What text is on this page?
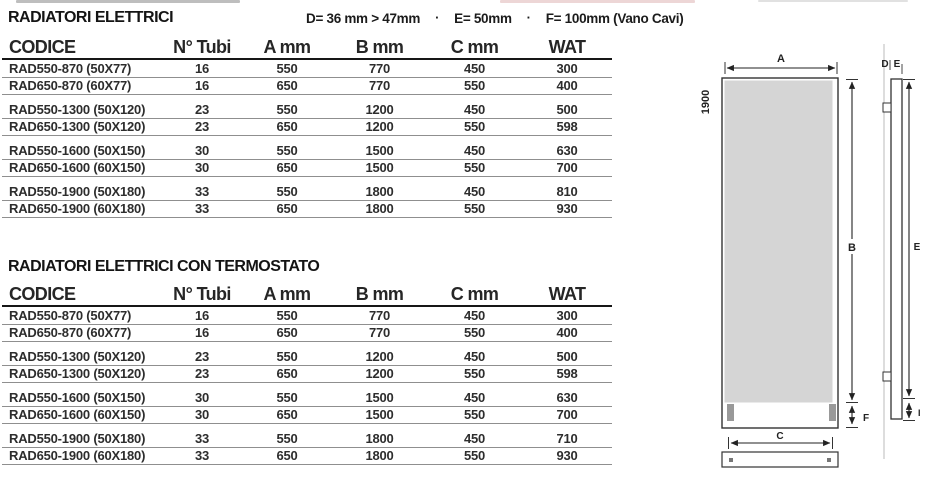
RADIATORI ELETTRICI	D= 36 mm > 47mm · E= 50mm · F= 100mm (Vano Cavi)
CODICE	N° Tubi	A mm	B mm	C mm	WAT
RAD550-870 (50X77)	16	550	770	450	300
RAD650-870 (60X77)	16	650	770	550	400
RAD550-1300 (50X120)	23	550	1200	450	500
RAD650-1300 (50X120)	23	650	1200	550	598
RAD550-1600 (50X150)	30	550	1500	450	630
RAD650-1600 (60X150)	30	650	1500	550	700
RAD550-1900 (50X180)	33	550	1800	450	810
RAD650-1900 (60X180)	33	650	1800	550	930
RADIATORI ELETTRICI CON TERMOSTATO
CODICE	N° Tubi	A mm	B mm	C mm	WAT
RAD550-870 (50X77)	16	550	770	450	300
RAD650-870 (60X77)	16	650	770	550	400
RAD550-1300 (50X120)	23	550	1200	450	500
RAD650-1300 (50X120)	23	650	1200	550	598
RAD550-1600 (50X150)	30	550	1500	450	630
RAD650-1600 (60X150)	30	650	1500	550	700
RAD550-1900 (50X180)	33	550	1800	450	710
RAD650-1900 (60X180)	33	650	1800	550	930
A
1900
B
F
C
D E
E
I
